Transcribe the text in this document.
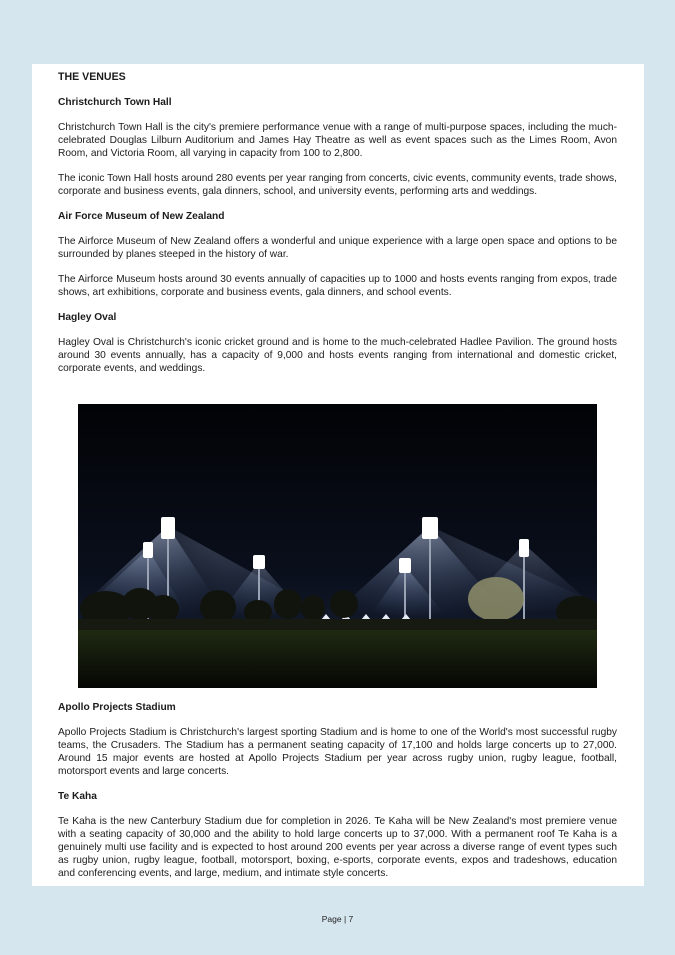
THE VENUES
Christchurch Town Hall

Christchurch Town Hall is the city's premiere performance venue with a range of multi-purpose spaces, including the much-celebrated Douglas Lilburn Auditorium and James Hay Theatre as well as event spaces such as the Limes Room, Avon Room, and Victoria Room, all varying in capacity from 100 to 2,800.

The iconic Town Hall hosts around 280 events per year ranging from concerts, civic events, community events, trade shows, corporate and business events, gala dinners, school, and university events, performing arts and weddings.

Air Force Museum of New Zealand

The Airforce Museum of New Zealand offers a wonderful and unique experience with a large open space and options to be surrounded by planes steeped in the history of war.

The Airforce Museum hosts around 30 events annually of capacities up to 1000 and hosts events ranging from expos, trade shows, art exhibitions, corporate and business events, gala dinners, and school events.

Hagley Oval

Hagley Oval is Christchurch's iconic cricket ground and is home to the much-celebrated Hadlee Pavilion. The ground hosts around 30 events annually, has a capacity of 9,000 and hosts events ranging from international and domestic cricket, corporate events, and weddings.

Apollo Projects Stadium

Apollo Projects Stadium is Christchurch's largest sporting Stadium and is home to one of the World's most successful rugby teams, the Crusaders. The Stadium has a permanent seating capacity of 17,100 and holds large concerts up to 27,000. Around 15 major events are hosted at Apollo Projects Stadium per year across rugby union, rugby league, football, motorsport events and large concerts.

Te Kaha

Te Kaha is the new Canterbury Stadium due for completion in 2026. Te Kaha will be New Zealand's most premiere venue with a seating capacity of 30,000 and the ability to hold large concerts up to 37,000. With a permanent roof Te Kaha is a genuinely multi use facility and is expected to host around 200 events per year across a diverse range of event types such as rugby union, rugby league, football, motorsport, boxing, e-sports, corporate events, expos and tradeshows, education and conferencing events, and large, medium, and intimate style concerts.

Page | 7
